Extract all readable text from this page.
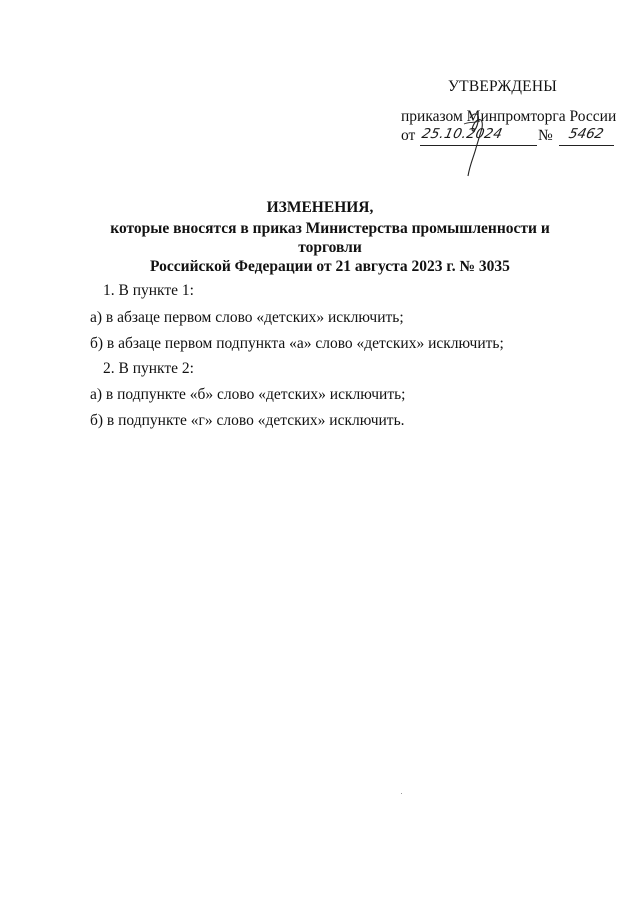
УТВЕРЖДЕНЫ
приказом Минпромторга России
от 25.10.2024 № 5462
ИЗМЕНЕНИЯ,
которые вносятся в приказ Министерства промышленности и торговли
Российской Федерации от 21 августа 2023 г. № 3035
1. В пункте 1:
а) в абзаце первом слово «детских» исключить;
б) в абзаце первом подпункта «а» слово «детских» исключить;
2. В пункте 2:
а) в подпункте «б» слово «детских» исключить;
б) в подпункте «г» слово «детских» исключить.
